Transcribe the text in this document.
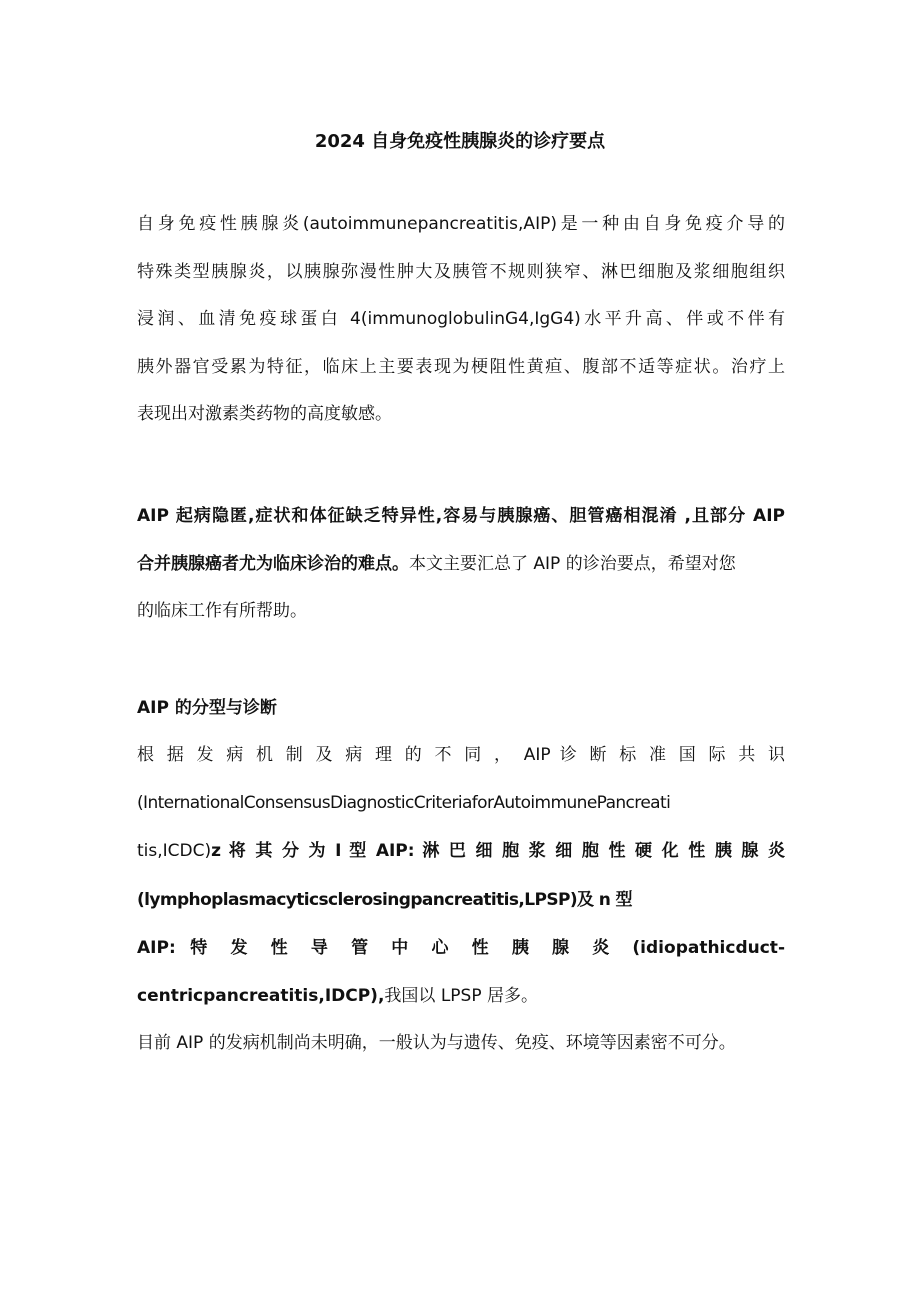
2024 自身免疫性胰腺炎的诊疗要点
自身免疫性胰腺炎(autoimmunepancreatitis,AIP)是一种由自身免疫介导的
特殊类型胰腺炎，以胰腺弥漫性肿大及胰管不规则狭窄、淋巴细胞及浆细胞组织
浸润、血清免疫球蛋白 4(immunoglobulinG4,IgG4)水平升高、伴或不伴有
胰外器官受累为特征，临床上主要表现为梗阻性黄疸、腹部不适等症状。治疗上
表现出对激素类药物的高度敏感。
AIP 起病隐匿,症状和体征缺乏特异性,容易与胰腺癌、胆管癌相混淆 ,且部分 AIP
合并胰腺癌者尤为临床诊治的难点。本文主要汇总了 AIP 的诊治要点，希望对您
的临床工作有所帮助。
AIP 的分型与诊断
根 据 发 病 机 制 及 病 理 的 不 同 ， AIP 诊 断 标 准 国 际 共 识
(InternationalConsensusDiagnosticCriteriaforAutoimmunePancreati
tis,ICDC)z 将 其 分 为 I 型 AIP: 淋 巴 细 胞 浆 细 胞 性 硬 化 性 胰 腺 炎
(lymphoplasmacyticsclerosingpancreatitis,LPSP)及 n 型
AIP: 特 发 性 导 管 中 心 性 胰 腺 炎 (idiopathicduct-
centricpancreatitis,IDCP),我国以 LPSP 居多。
目前 AIP 的发病机制尚未明确，一般认为与遗传、免疫、环境等因素密不可分。
